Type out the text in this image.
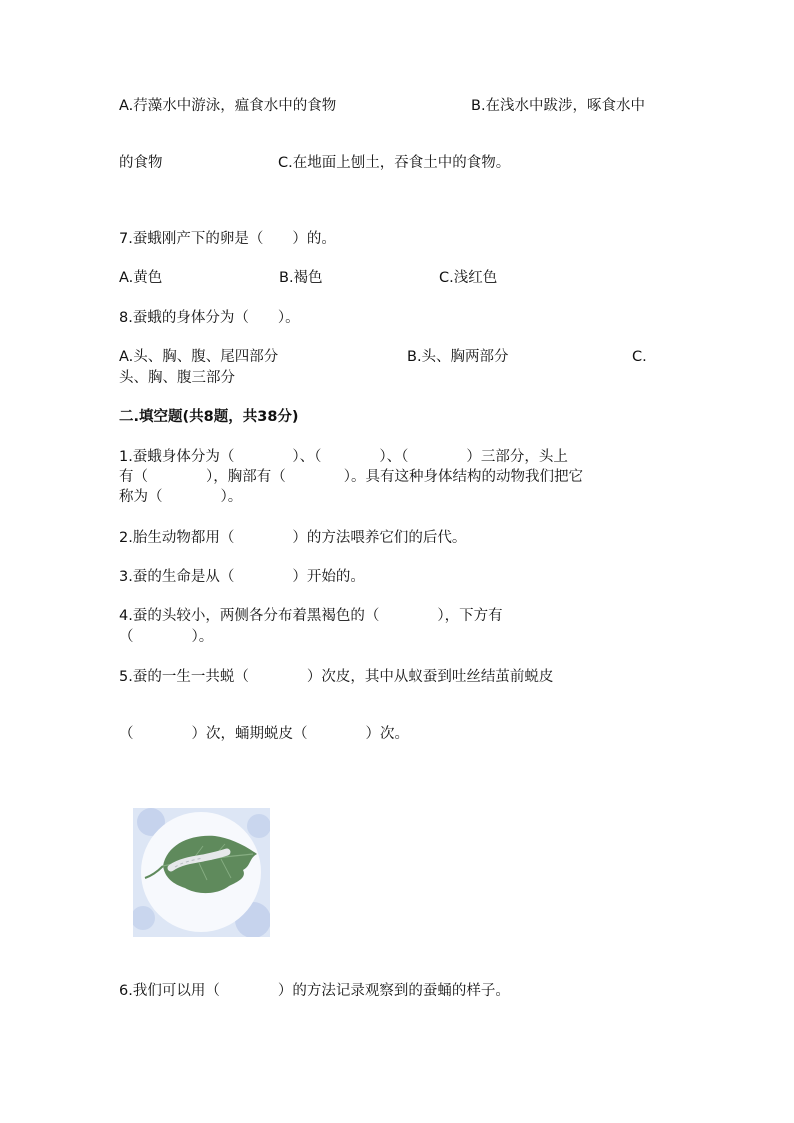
A.荇藻水中游泳，瘟食水中的食物	B.在浅水中跋涉，啄食水中
的食物	C.在地面上刨土，吞食土中的食物。
7.蚕蛾刚产下的卵是（　　）的。
A.黄色	B.褐色	C.浅红色
8.蚕蛾的身体分为（　　）。
A.头、胸、腹、尾四部分	B.头、胸两部分	C.
头、胸、腹三部分
二.填空题(共8题，共38分)
1.蚕蛾身体分为（　　　　）、（　　　　）、（　　　　）三部分，头上
有（　　　　），胸部有（　　　　）。具有这种身体结构的动物我们把它
称为（　　　　）。
2.胎生动物都用（　　　　）的方法喂养它们的后代。
3.蚕的生命是从（　　　　）开始的。
4.蚕的头较小，两侧各分布着黑褐色的（　　　　），下方有
（　　　　）。
5.蚕的一生一共蜕（　　　　）次皮，其中从蚁蚕到吐丝结茧前蜕皮
（　　　　）次，蛹期蜕皮（　　　　）次。
6.我们可以用（　　　　）的方法记录观察到的蚕蛹的样子。
